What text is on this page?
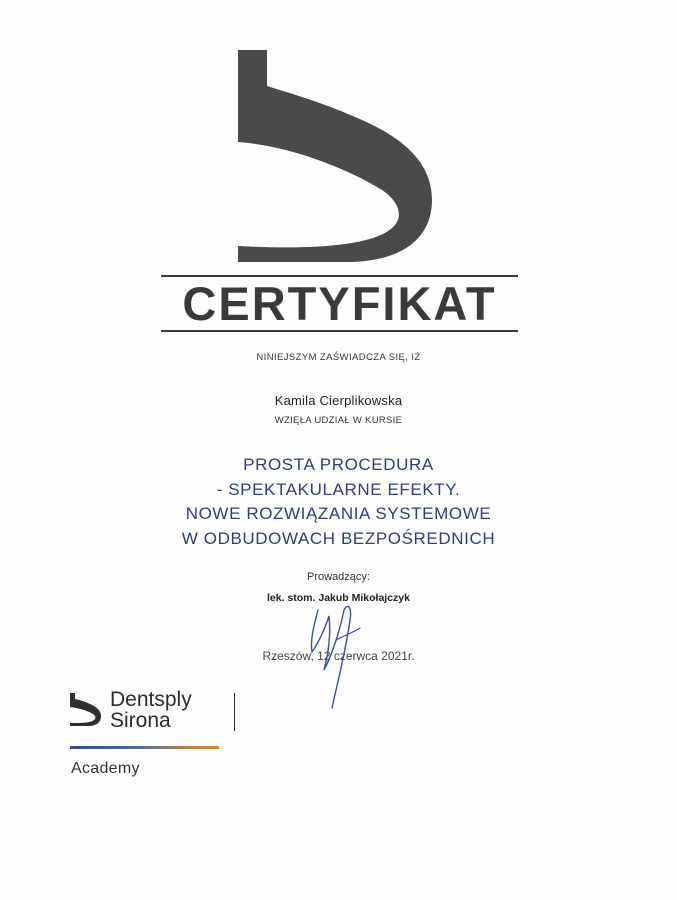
CERTYFIKAT
NINIEJSZYM ZAŚWIADCZA SIĘ, IŻ
Kamila Cierplikowska
WZIĘŁA UDZIAŁ W KURSIE
PROSTA PROCEDURA
- SPEKTAKULARNE EFEKTY.
NOWE ROZWIĄZANIA SYSTEMOWE
W ODBUDOWACH BEZPOŚREDNICH
Prowadzący:
lek. stom. Jakub Mikołajczyk
Rzeszów, 12 czerwca 2021r.
Dentsply
Sirona
Academy
